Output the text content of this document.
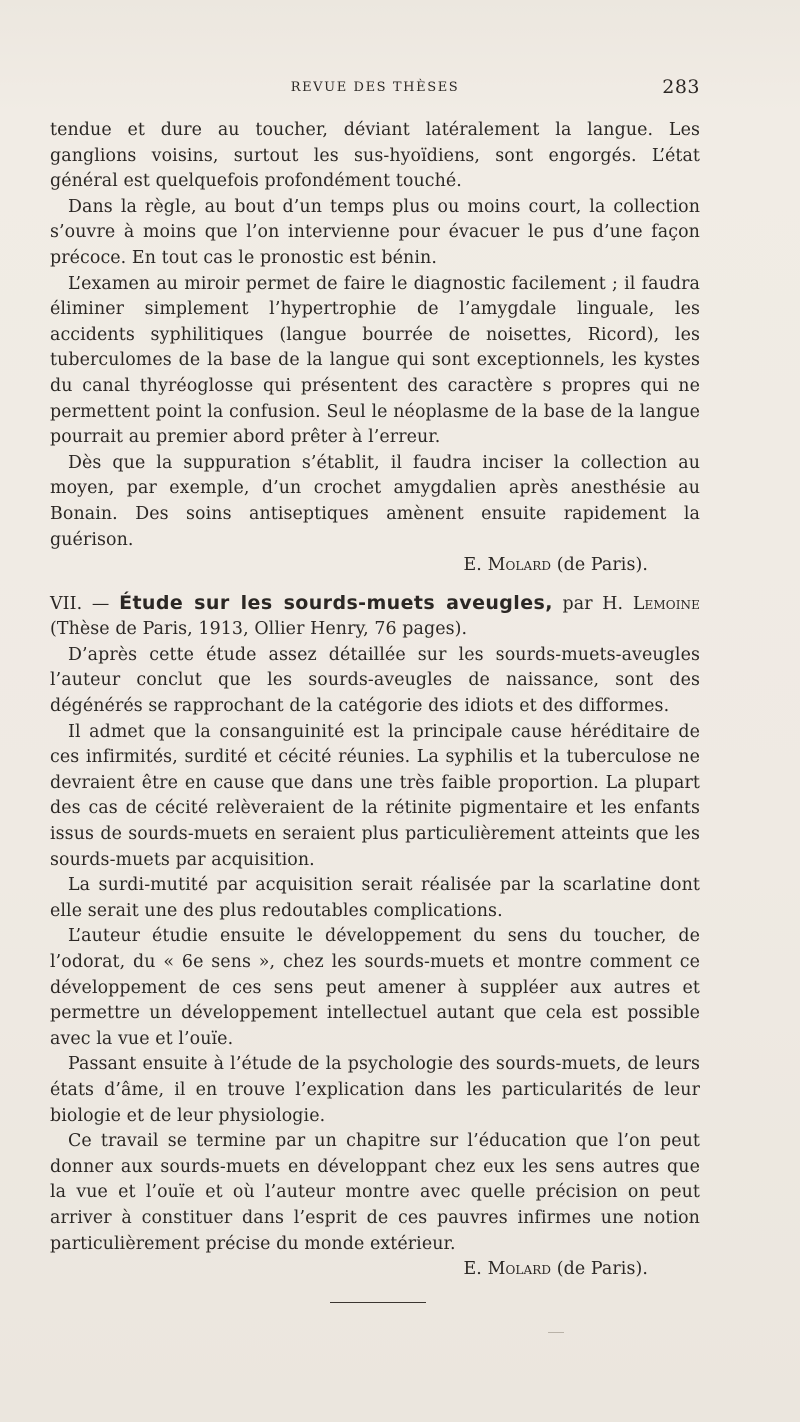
REVUE DES THÈSES	283

tendue et dure au toucher, déviant latéralement la langue. Les ganglions voisins, surtout les sus-hyoïdiens, sont engorgés. L’état général est quelquefois profondément touché.

Dans la règle, au bout d’un temps plus ou moins court, la collection s’ouvre à moins que l’on intervienne pour évacuer le pus d’une façon précoce. En tout cas le pronostic est bénin.

L’examen au miroir permet de faire le diagnostic facilement ; il faudra éliminer simplement l’hypertrophie de l’amygdale linguale, les accidents syphilitiques (langue bourrée de noisettes, Ricord), les tuberculomes de la base de la langue qui sont exceptionnels, les kystes du canal thyréoglosse qui présentent des caractère s propres qui ne permettent point la confusion. Seul le néoplasme de la base de la langue pourrait au premier abord prêter à l’erreur.

Dès que la suppuration s’établit, il faudra inciser la collection au moyen, par exemple, d’un crochet amygdalien après anesthésie au Bonain. Des soins antiseptiques amènent ensuite rapidement la guérison.

E. Molard (de Paris).

VII. — Étude sur les sourds-muets aveugles, par H. Lemoine (Thèse de Paris, 1913, Ollier Henry, 76 pages).

D’après cette étude assez détaillée sur les sourds-muets-aveugles l’auteur conclut que les sourds-aveugles de naissance, sont des dégénérés se rapprochant de la catégorie des idiots et des difformes.

Il admet que la consanguinité est la principale cause héréditaire de ces infirmités, surdité et cécité réunies. La syphilis et la tuberculose ne devraient être en cause que dans une très faible proportion. La plupart des cas de cécité relèveraient de la rétinite pigmentaire et les enfants issus de sourds-muets en seraient plus particulièrement atteints que les sourds-muets par acquisition.

La surdi-mutité par acquisition serait réalisée par la scarlatine dont elle serait une des plus redoutables complications.

L’auteur étudie ensuite le développement du sens du toucher, de l’odorat, du « 6e sens », chez les sourds-muets et montre comment ce développement de ces sens peut amener à suppléer aux autres et permettre un développement intellectuel autant que cela est possible avec la vue et l’ouïe.

Passant ensuite à l’étude de la psychologie des sourds-muets, de leurs états d’âme, il en trouve l’explication dans les particularités de leur biologie et de leur physiologie.

Ce travail se termine par un chapitre sur l’éducation que l’on peut donner aux sourds-muets en développant chez eux les sens autres que la vue et l’ouïe et où l’auteur montre avec quelle précision on peut arriver à constituer dans l’esprit de ces pauvres infirmes une notion particulièrement précise du monde extérieur.

E. Molard (de Paris).
